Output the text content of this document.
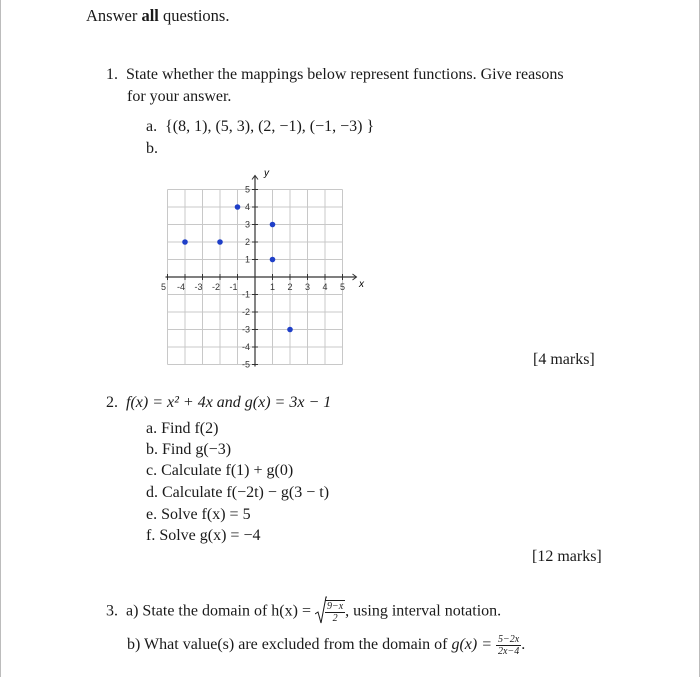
Answer all questions.
1. State whether the mappings below represent functions. Give reasons
for your answer.
a. {(8, 1), (5, 3), (2, −1), (−1, −3) }
b.
5 -4 -3 -2 -1	1 2 3 4 5
5
4
3
2
1
-1
-2
-3
-4
-5
y
x
[4 marks]
2. f(x) = x² + 4x and g(x) = 3x − 1
a. Find f(2)
b. Find g(−3)
c. Calculate f(1) + g(0)
d. Calculate f(−2t) − g(3 − t)
e. Solve f(x) = 5
f. Solve g(x) = −4
[12 marks]
3. a) State the domain of $h(x) = \frac{9-x}{2}$ , using interval notation.
b) What value(s) are excluded from the domain of $g(x) = \frac{5-2x}{2x-4}$ .
